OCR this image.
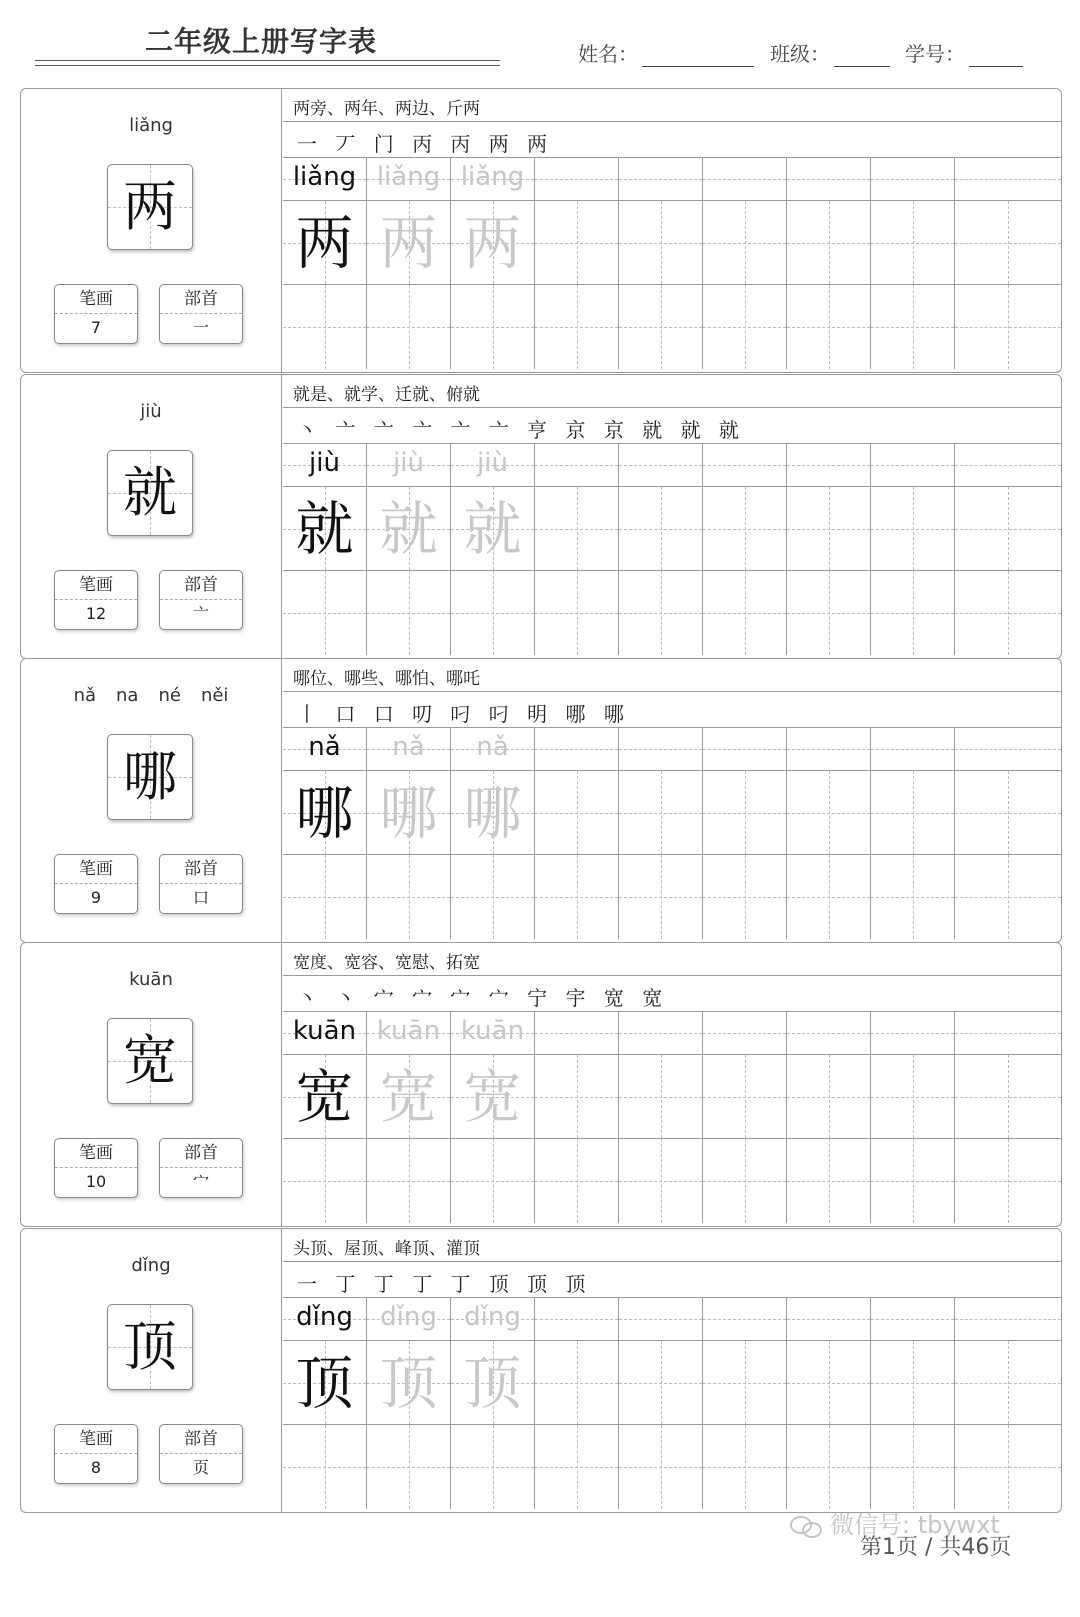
二年级上册写字表	姓名：	班级：	学号：
liǎng
两
笔画
7
部首
一
两旁、两年、两边、斤两
一 丆 门 丙 丙 两 两
liǎng liǎng liǎng
两 两 两
jiù
就
笔画
12
部首
亠
就是、就学、迁就、俯就
丶 亠 亠 亠 亠 亠 亨 京 京 就 就 就
jiù	jiù	jiù
就 就 就
nǎ na né něi
哪
笔画
9
部首
口
哪位、哪些、哪怕、哪吒
丨 口 口 叨 叼 叼 明 哪 哪
nǎ	nǎ	nǎ
哪 哪 哪
kuān
宽
笔画
10
部首
宀
宽度、宽容、宽慰、拓宽
丶 丶 宀 宀 宀 宀 宁 宇 宽 宽
kuān kuān kuān
宽 宽 宽
dǐng
顶
笔画
8
部首
页
头顶、屋顶、峰顶、灌顶
一 丁 丁 丁 丁 顶 顶 顶
dǐng	dǐng	dǐng
顶 顶 顶
微信号: tbywxt
第1页 / 共46页
